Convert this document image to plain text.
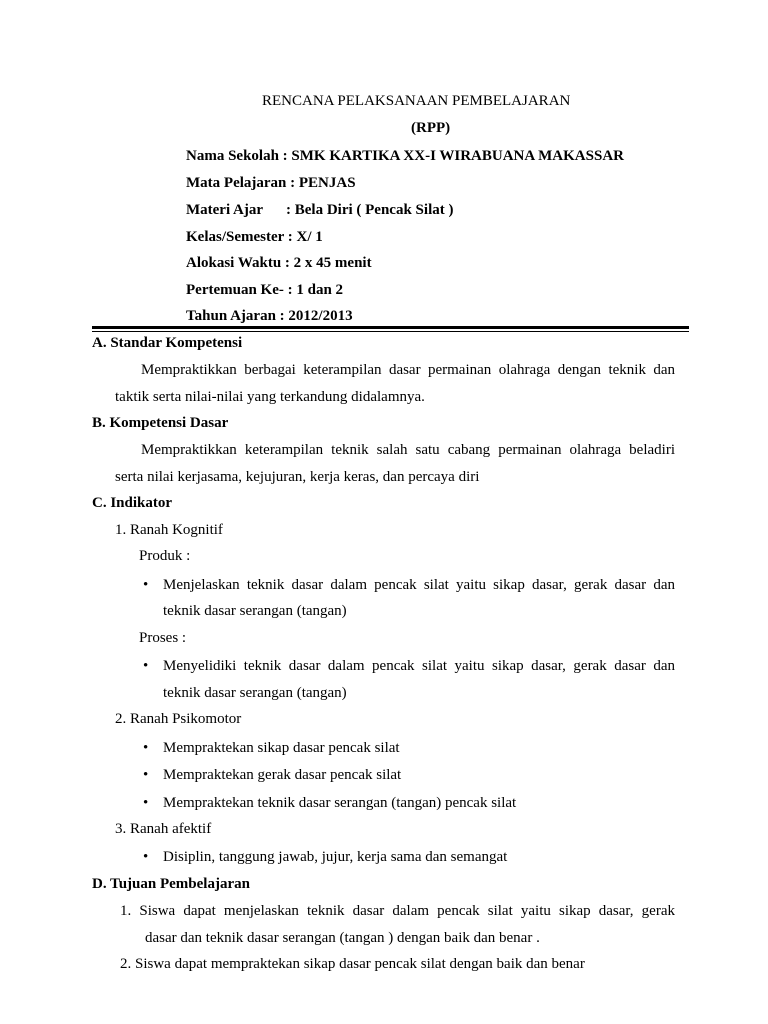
RENCANA PELAKSANAAN PEMBELAJARAN
(RPP)
Nama Sekolah : SMK KARTIKA XX-I WIRABUANA MAKASSAR
Mata Pelajaran : PENJAS
Materi Ajar : Bela Diri ( Pencak Silat )
Kelas/Semester : X/ 1
Alokasi Waktu : 2 x 45 menit
Pertemuan Ke- : 1 dan 2
Tahun Ajaran : 2012/2013
A. Standar Kompetensi
Mempraktikkan berbagai keterampilan dasar permainan olahraga dengan teknik dan
taktik serta nilai-nilai yang terkandung didalamnya.
B. Kompetensi Dasar
Mempraktikkan keterampilan teknik salah satu cabang permainan olahraga beladiri
serta nilai kerjasama, kejujuran, kerja keras, dan percaya diri
C. Indikator
1. Ranah Kognitif
Produk :
• Menjelaskan teknik dasar dalam pencak silat yaitu sikap dasar, gerak dasar dan
teknik dasar serangan (tangan)
Proses :
• Menyelidiki teknik dasar dalam pencak silat yaitu sikap dasar, gerak dasar dan
teknik dasar serangan (tangan)
2. Ranah Psikomotor
• Mempraktekan sikap dasar pencak silat
• Mempraktekan gerak dasar pencak silat
• Mempraktekan teknik dasar serangan (tangan) pencak silat
3. Ranah afektif
• Disiplin, tanggung jawab, jujur, kerja sama dan semangat
D. Tujuan Pembelajaran
1. Siswa dapat menjelaskan teknik dasar dalam pencak silat yaitu sikap dasar, gerak
dasar dan teknik dasar serangan (tangan ) dengan baik dan benar .
2. Siswa dapat mempraktekan sikap dasar pencak silat dengan baik dan benar
